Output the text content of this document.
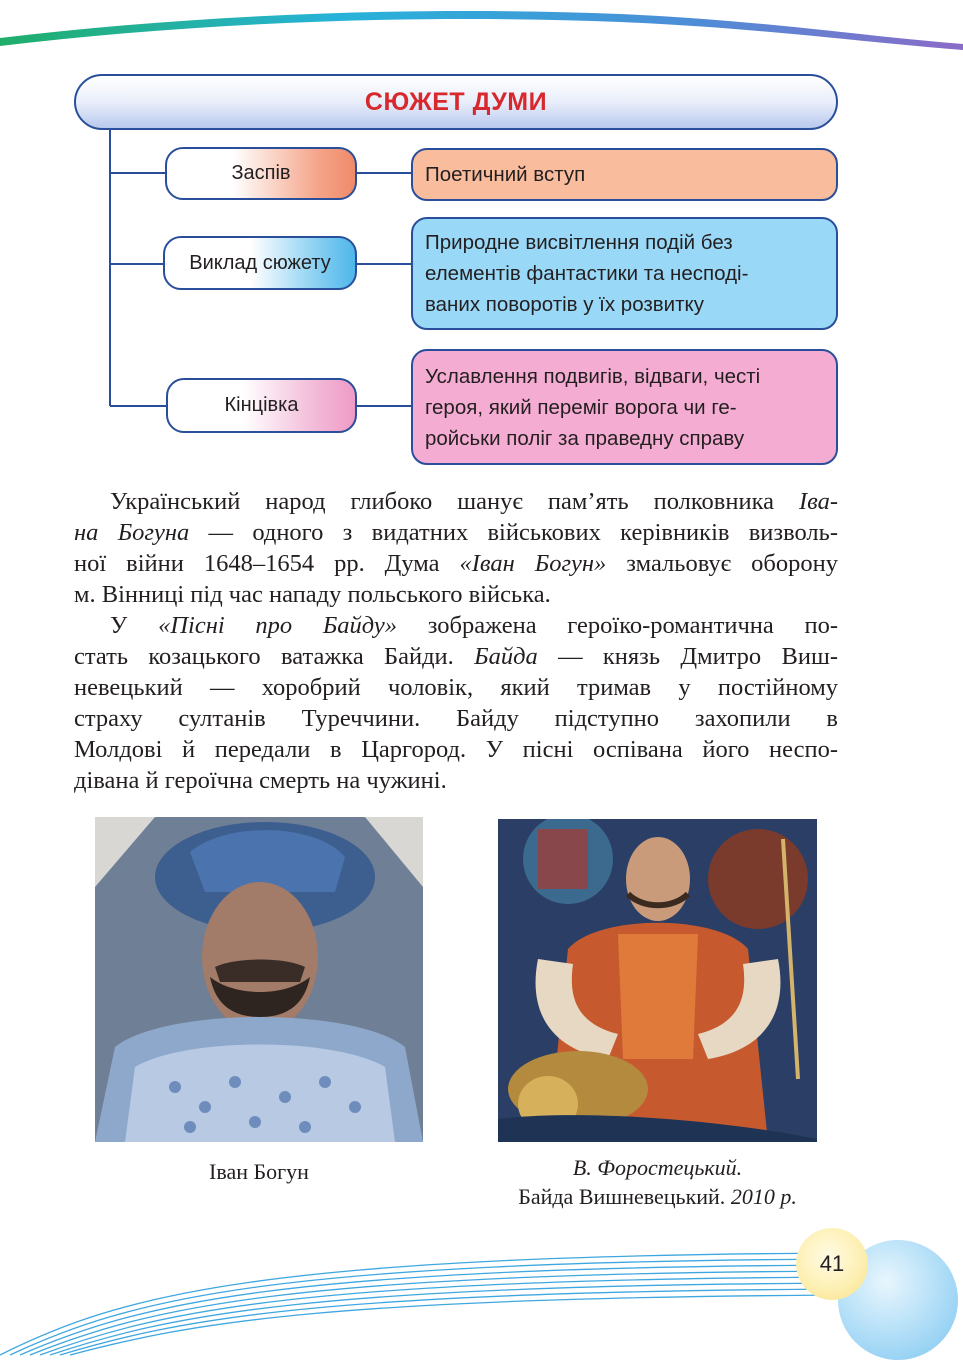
СЮЖЕТ ДУМИ
Заспів
Виклад сюжету
Кінцівка
Поетичний вступ
Природне висвітлення подій без
елементів фантастики та несподі-
ваних поворотів у їх розвитку
Уславлення подвигів, відваги, честі
героя, який переміг ворога чи ге-
ройськи поліг за праведну справу
Український народ глибоко шанує пам’ять полковника Іва-
на Богуна — одного з видатних військових керівників визволь-
ної війни 1648–1654 рр. Дума «Іван Богун» змальовує оборону
м. Вінниці під час нападу польського війська.
У «Пісні про Байду» зображена героїко-романтична по-
стать козацького ватажка Байди. Байда — князь Дмитро Виш-
невецький — хоробрий чоловік, який тримав у постійному
страху султанів Туреччини. Байду підступно захопили в
Молдові й передали в Царгород. У пісні оспівана його неспо-
дівана й героїчна смерть на чужині.
Іван Богун	В. Форостецький.
Байда Вишневецький. 2010 р.
41
